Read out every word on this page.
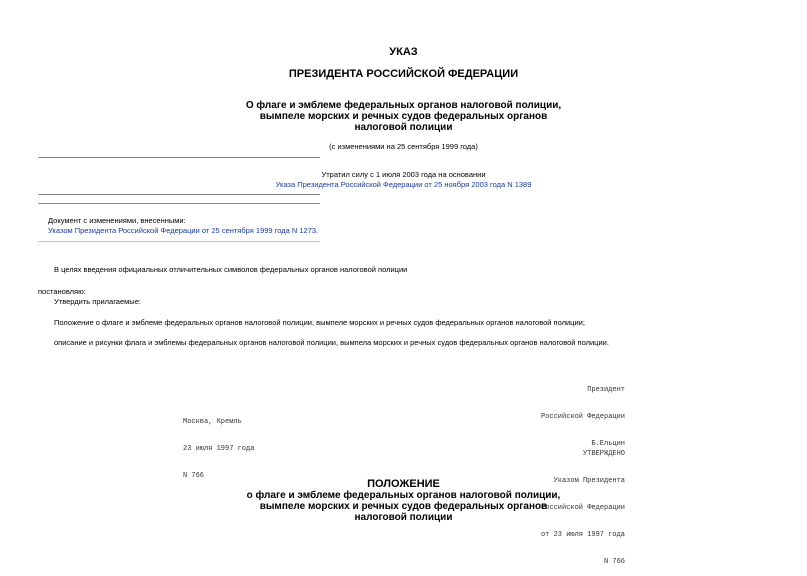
УКАЗ
ПРЕЗИДЕНТА РОССИЙСКОЙ ФЕДЕРАЦИИ
О флаге и эмблеме федеральных органов налоговой полиции,
вымпеле морских и речных судов федеральных органов
налоговой полиции
(с изменениями на 25 сентября 1999 года)
Утратил силу с 1 июля 2003 года на основании
Указа Президента Российской Федерации от 25 ноября 2003 года N 1389
Документ с изменениями, внесенными:
Указом Президента Российской Федерации от 25 сентября 1999 года N 1273.
В целях введения официальных отличительных символов федеральных органов налоговой полиции
постановляю:
Утвердить прилагаемые:
Положение о флаге и эмблеме федеральных органов налоговой полиции, вымпеле морских и речных судов федеральных органов налоговой полиции;
описание и рисунки флага и эмблемы федеральных органов налоговой полиции, вымпела морских и речных судов федеральных органов налоговой полиции.

Президент

Российской Федерации

Б.Ельцин

Москва, Кремль

23 июля 1997 года

N 766

УТВЕРЖДЕНО

Указом Президента

Российской Федерации

от 23 июля 1997 года

N 766

ПОЛОЖЕНИЕ
о флаге и эмблеме федеральных органов налоговой полиции,
вымпеле морских и речных судов федеральных органов
налоговой полиции
